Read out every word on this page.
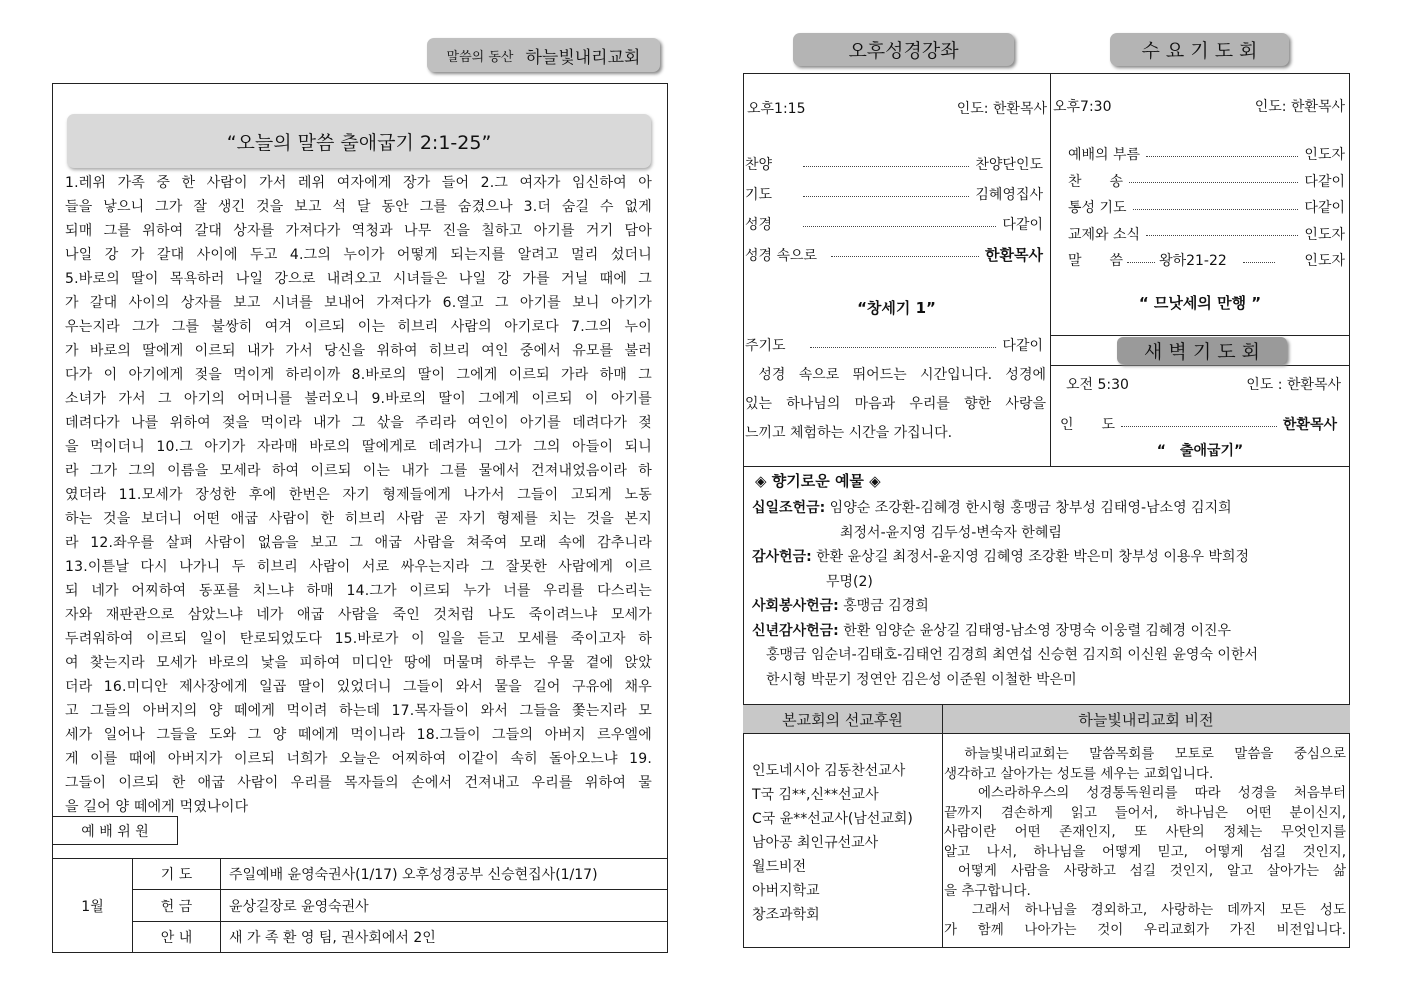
말씀의 동산 하늘빛내리교회
“오늘의 말씀 출애굽기 2:1-25”
1.레위 가족 중 한 사람이 가서 레위 여자에게 장가 들어 2.그 여자가 임신하여 아
들을 낳으니 그가 잘 생긴 것을 보고 석 달 동안 그를 숨겼으나 3.더 숨길 수 없게
되매 그를 위하여 갈대 상자를 가져다가 역청과 나무 진을 칠하고 아기를 거기 담아
나일 강 가 갈대 사이에 두고 4.그의 누이가 어떻게 되는지를 알려고 멀리 섰더니
5.바로의 딸이 목욕하러 나일 강으로 내려오고 시녀들은 나일 강 가를 거닐 때에 그
가 갈대 사이의 상자를 보고 시녀를 보내어 가져다가 6.열고 그 아기를 보니 아기가
우는지라 그가 그를 불쌍히 여겨 이르되 이는 히브리 사람의 아기로다 7.그의 누이
가 바로의 딸에게 이르되 내가 가서 당신을 위하여 히브리 여인 중에서 유모를 불러
다가 이 아기에게 젖을 먹이게 하리이까 8.바로의 딸이 그에게 이르되 가라 하매 그
소녀가 가서 그 아기의 어머니를 불러오니 9.바로의 딸이 그에게 이르되 이 아기를
데려다가 나를 위하여 젖을 먹이라 내가 그 삯을 주리라 여인이 아기를 데려다가 젖
을 먹이더니 10.그 아기가 자라매 바로의 딸에게로 데려가니 그가 그의 아들이 되니
라 그가 그의 이름을 모세라 하여 이르되 이는 내가 그를 물에서 건져내었음이라 하
였더라 11.모세가 장성한 후에 한번은 자기 형제들에게 나가서 그들이 고되게 노동
하는 것을 보더니 어떤 애굽 사람이 한 히브리 사람 곧 자기 형제를 치는 것을 본지
라 12.좌우를 살펴 사람이 없음을 보고 그 애굽 사람을 쳐죽여 모래 속에 감추니라
13.이튿날 다시 나가니 두 히브리 사람이 서로 싸우는지라 그 잘못한 사람에게 이르
되 네가 어찌하여 동포를 치느냐 하매 14.그가 이르되 누가 너를 우리를 다스리는
자와 재판관으로 삼았느냐 네가 애굽 사람을 죽인 것처럼 나도 죽이려느냐 모세가
두려워하여 이르되 일이 탄로되었도다 15.바로가 이 일을 듣고 모세를 죽이고자 하
여 찾는지라 모세가 바로의 낯을 피하여 미디안 땅에 머물며 하루는 우물 곁에 앉았
더라 16.미디안 제사장에게 일곱 딸이 있었더니 그들이 와서 물을 길어 구유에 채우
고 그들의 아버지의 양 떼에게 먹이려 하는데 17.목자들이 와서 그들을 쫓는지라 모
세가 일어나 그들을 도와 그 양 떼에게 먹이니라 18.그들이 그들의 아버지 르우엘에
게 이를 때에 아버지가 이르되 너희가 오늘은 어찌하여 이같이 속히 돌아오느냐 19.
그들이 이르되 한 애굽 사람이 우리를 목자들의 손에서 건져내고 우리를 위하여 물
을 길어 양 떼에게 먹였나이다
예 배 위 원
1월
기 도	주일예배 윤영숙권사(1/17) 오후성경공부 신승현집사(1/17)
헌 금	윤상길장로 윤영숙권사
안 내	새 가 족 환 영 팀, 권사회에서 2인
오후성경강좌	수 요 기 도 회
오후1:15	인도: 한환목사
찬양	찬양단인도
기도	김혜영집사
성경	다같이
성경 속으로	한환목사
“창세기 1”
주기도	다같이
성경 속으로 뛰어드는 시간입니다. 성경에
있는 하나님의 마음과 우리를 향한 사랑을
느끼고 체험하는 시간을 가집니다.
오후7:30	인도: 한환목사
예배의 부름	인도자
찬　　송	다같이
통성 기도	다같이
교제와 소식	인도자
말　　씀	왕하21-22	인도자
“ 므낫세의 만행 ”
새 벽 기 도 회
오전 5:30	인도 : 한환목사
인　　도	한환목사
“　출애굽기”
◈ 향기로운 예물 ◈
십일조헌금: 임양순 조강환-김혜경 한시형 홍맹금 창부성 김태영-남소영 김지희
최정서-윤지영 김두성-변숙자 한혜림
감사헌금: 한환 윤상길 최정서-윤지영 김혜영 조강환 박은미 창부성 이용우 박희정
무명(2)
사회봉사헌금: 홍맹금 김경희
신년감사헌금: 한환 임양순 윤상길 김태영-남소영 장명숙 이웅렬 김혜경 이진우
홍맹금 임순녀-김태호-김태언 김경희 최연섭 신승현 김지희 이신원 윤영숙 이한서
한시형 박문기 정연안 김은성 이준원 이철한 박은미
본교회의 선교후원	하늘빛내리교회 비전
인도네시아 김동찬선교사
T국 김**,신**선교사
C국 윤**선교사(남선교회)
남아공 최인규선교사
월드비전
아버지학교
창조과학회
하늘빛내리교회는 말씀목회를 모토로 말씀을 중심으로
생각하고 살아가는 성도를 세우는 교회입니다.
에스라하우스의 성경통독원리를 따라 성경을 처음부터
끝까지 겸손하게 읽고 들어서, 하나님은 어떤 분이신지,
사람이란 어떤 존재인지, 또 사탄의 정체는 무엇인지를
알고 나서, 하나님을 어떻게 믿고, 어떻게 섬길 것인지,
어떻게 사람을 사랑하고 섬길 것인지, 알고 살아가는 삶
을 추구합니다.
그래서 하나님을 경외하고, 사랑하는 데까지 모든 성도
가 함께 나아가는 것이 우리교회가 가진 비전입니다.
